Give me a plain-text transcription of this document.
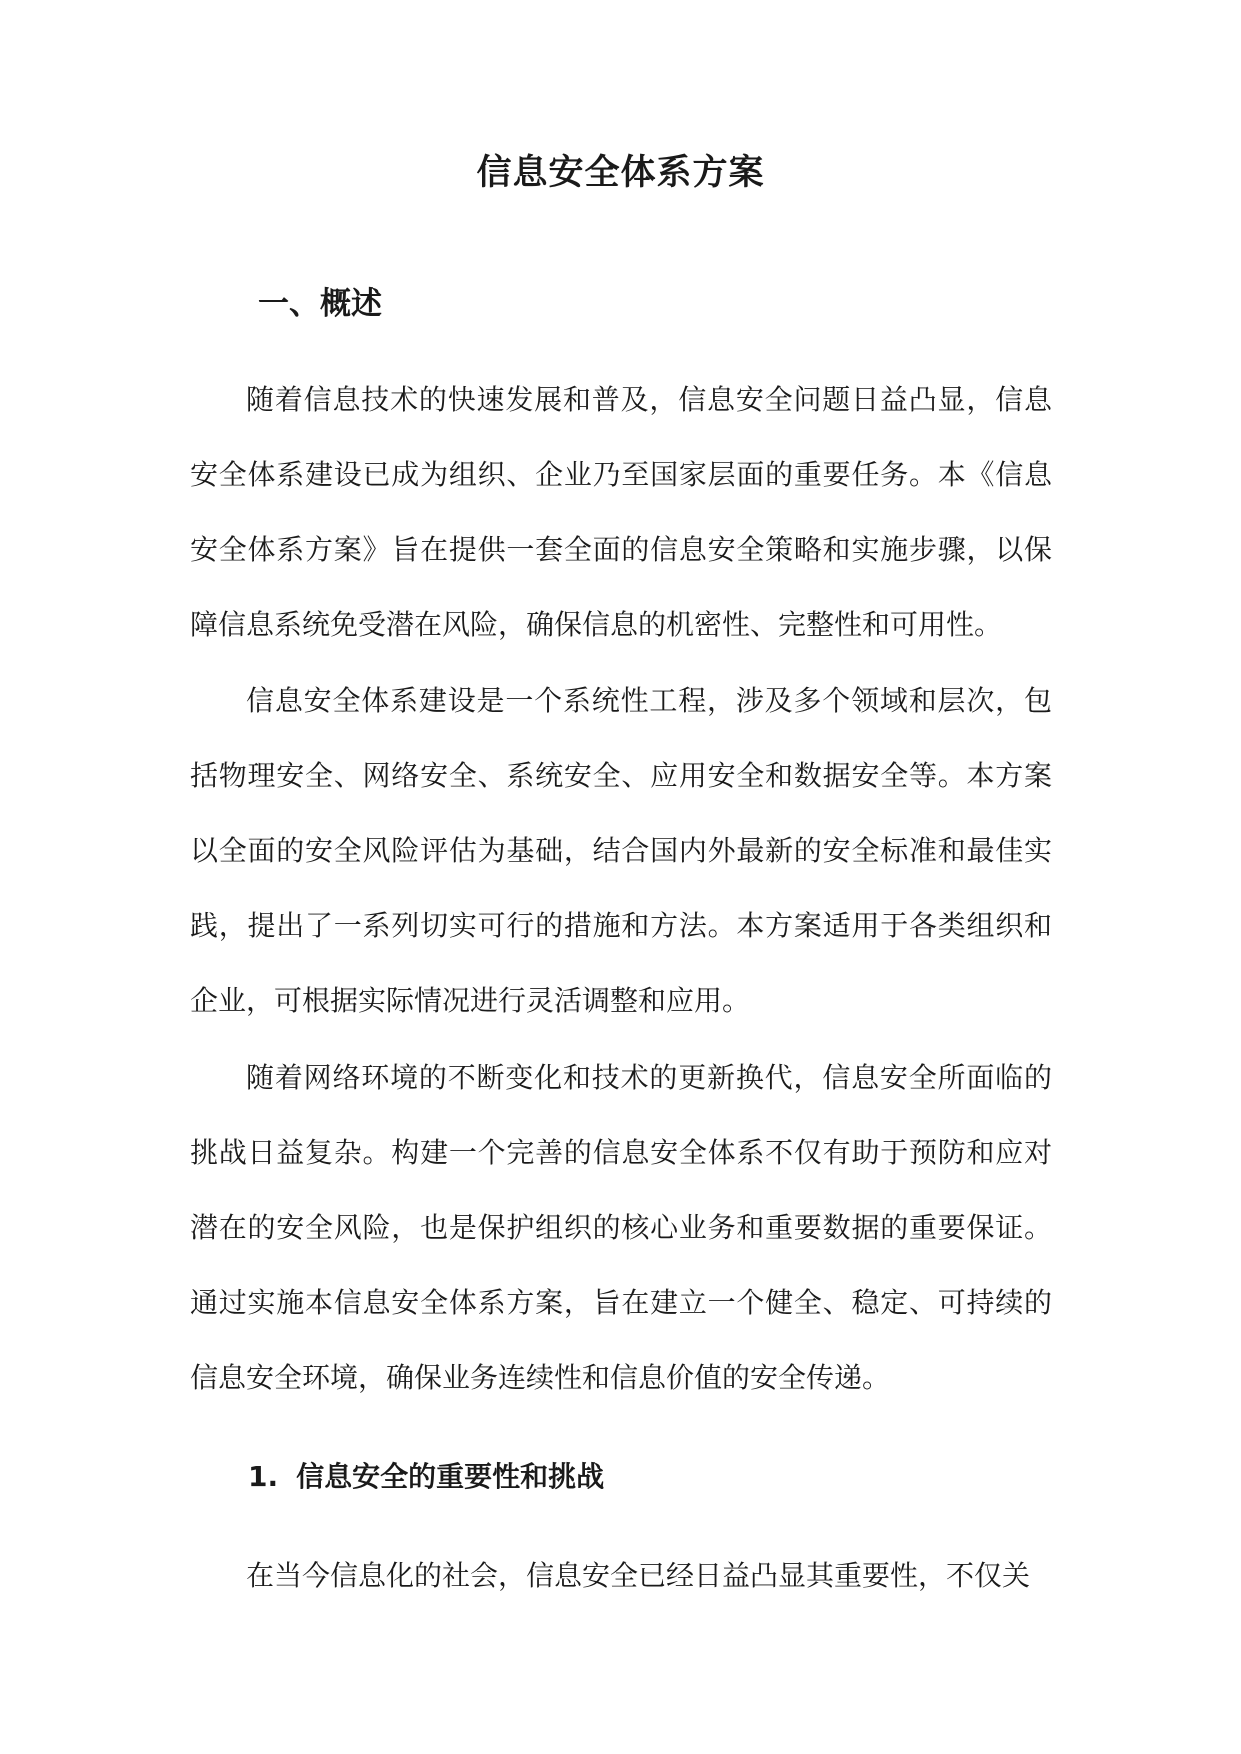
信息安全体系方案
一、概述

随着信息技术的快速发展和普及，信息安全问题日益凸显，信息安全体系建设已成为组织、企业乃至国家层面的重要任务。本《信息安全体系方案》旨在提供一套全面的信息安全策略和实施步骤，以保障信息系统免受潜在风险，确保信息的机密性、完整性和可用性。

信息安全体系建设是一个系统性工程，涉及多个领域和层次，包括物理安全、网络安全、系统安全、应用安全和数据安全等。本方案以全面的安全风险评估为基础，结合国内外最新的安全标准和最佳实践，提出了一系列切实可行的措施和方法。本方案适用于各类组织和企业，可根据实际情况进行灵活调整和应用。

随着网络环境的不断变化和技术的更新换代，信息安全所面临的挑战日益复杂。构建一个完善的信息安全体系不仅有助于预防和应对潜在的安全风险，也是保护组织的核心业务和重要数据的重要保证。通过实施本信息安全体系方案，旨在建立一个健全、稳定、可持续的信息安全环境，确保业务连续性和信息价值的安全传递。

1. 信息安全的重要性和挑战

在当今信息化的社会，信息安全已经日益凸显其重要性，不仅关
